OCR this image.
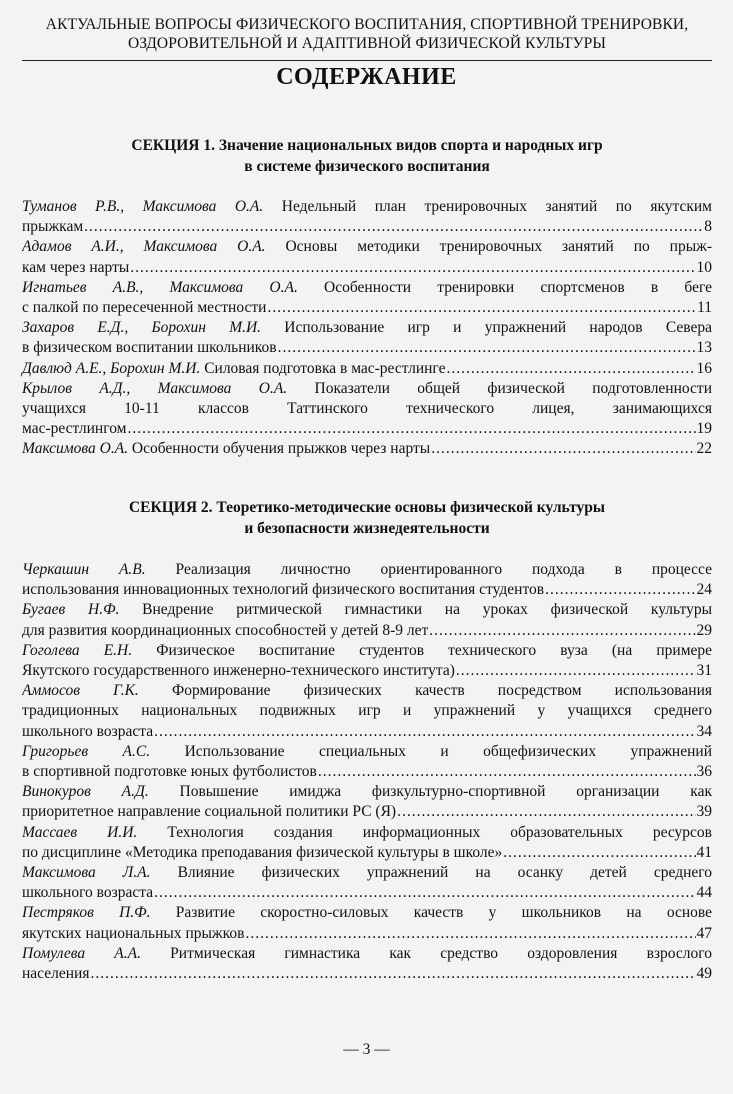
АКТУАЛЬНЫЕ ВОПРОСЫ ФИЗИЧЕСКОГО ВОСПИТАНИЯ, СПОРТИВНОЙ ТРЕНИРОВКИ,
ОЗДОРОВИТЕЛЬНОЙ И АДАПТИВНОЙ ФИЗИЧЕСКОЙ КУЛЬТУРЫ
СОДЕРЖАНИЕ
СЕКЦИЯ 1. Значение национальных видов спорта и народных игр
в системе физического воспитания
Туманов Р.В., Максимова О.А. Недельный план тренировочных занятий по якутским
прыжкам .....	8
Адамов А.И., Максимова О.А. Основы методики тренировочных занятий по прыж-
кам через нарты .....	10
Игнатьев А.В., Максимова О.А. Особенности тренировки спортсменов в беге
с палкой по пересеченной местности .....	11
Захаров Е.Д., Борохин М.И. Использование игр и упражнений народов Севера
в физическом воспитании школьников .....	13
Давлюд А.Е., Борохин М.И. Силовая подготовка в мас-рестлинге .....	16
Крылов А.Д., Максимова О.А. Показатели общей физической подготовленности
учащихся 10-11 классов Таттинского технического лицея, занимающихся
мас-рестлингом .....	19
Максимова О.А. Особенности обучения прыжков через нарты .....	22
СЕКЦИЯ 2. Теоретико-методические основы физической культуры
и безопасности жизнедеятельности
Черкашин А.В. Реализация личностно ориентированного подхода в процессе
использования инновационных технологий физического воспитания студентов .....	24
Бугаев Н.Ф. Внедрение ритмической гимнастики на уроках физической культуры
для развития координационных способностей у детей 8-9 лет .....	29
Гоголева Е.Н. Физическое воспитание студентов технического вуза (на примере
Якутского государственного инженерно-технического института) .....	31
Аммосов Г.К. Формирование физических качеств посредством использования
традиционных национальных подвижных игр и упражнений у учащихся среднего
школьного возраста .....	34
Григорьев А.С. Использование специальных и общефизических упражнений
в спортивной подготовке юных футболистов .....	36
Винокуров А.Д. Повышение имиджа физкультурно-спортивной организации как
приоритетное направление социальной политики РС (Я) .....	39
Массаев И.И. Технология создания информационных образовательных ресурсов
по дисциплине «Методика преподавания физической культуры в школе» .....	41
Максимова Л.А. Влияние физических упражнений на осанку детей среднего
школьного возраста .....	44
Пестряков П.Ф. Развитие скоростно-силовых качеств у школьников на основе
якутских национальных прыжков .....	47
Помулева А.А. Ритмическая гимнастика как средство оздоровления взрослого
населения .....	49
— 3 —
